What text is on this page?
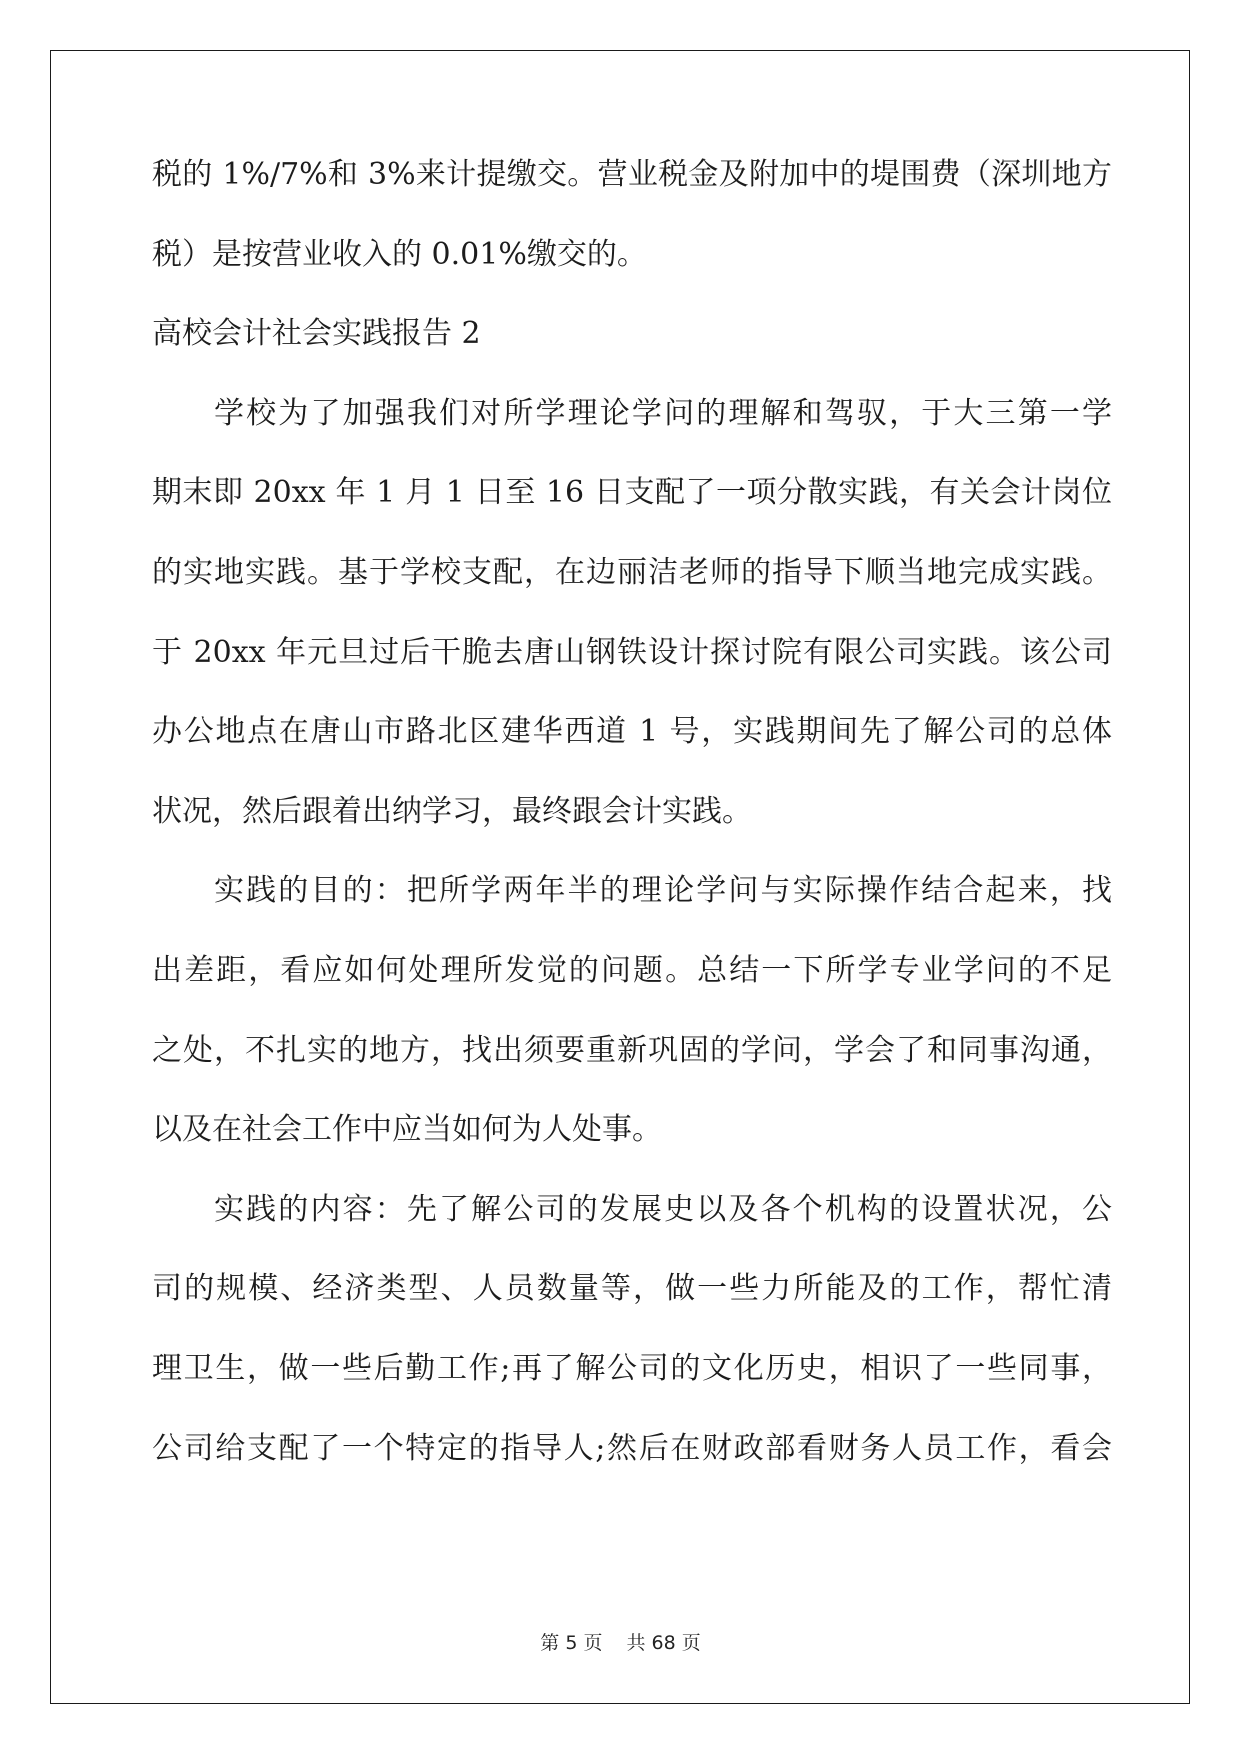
税的 1%/7%和 3%来计提缴交。营业税金及附加中的堤围费（深圳地方
税）是按营业收入的 0.01%缴交的。
高校会计社会实践报告 2
学校为了加强我们对所学理论学问的理解和驾驭，于大三第一学
期末即 20xx 年 1 月 1 日至 16 日支配了一项分散实践，有关会计岗位
的实地实践。基于学校支配，在边丽洁老师的指导下顺当地完成实践。
于 20xx 年元旦过后干脆去唐山钢铁设计探讨院有限公司实践。该公司
办公地点在唐山市路北区建华西道 1 号，实践期间先了解公司的总体
状况，然后跟着出纳学习，最终跟会计实践。
实践的目的：把所学两年半的理论学问与实际操作结合起来，找
出差距，看应如何处理所发觉的问题。总结一下所学专业学问的不足
之处，不扎实的地方，找出须要重新巩固的学问，学会了和同事沟通，
以及在社会工作中应当如何为人处事。
实践的内容：先了解公司的发展史以及各个机构的设置状况，公
司的规模、经济类型、人员数量等，做一些力所能及的工作，帮忙清
理卫生，做一些后勤工作;再了解公司的文化历史，相识了一些同事，
公司给支配了一个特定的指导人;然后在财政部看财务人员工作，看会
第 5 页 共 68 页
